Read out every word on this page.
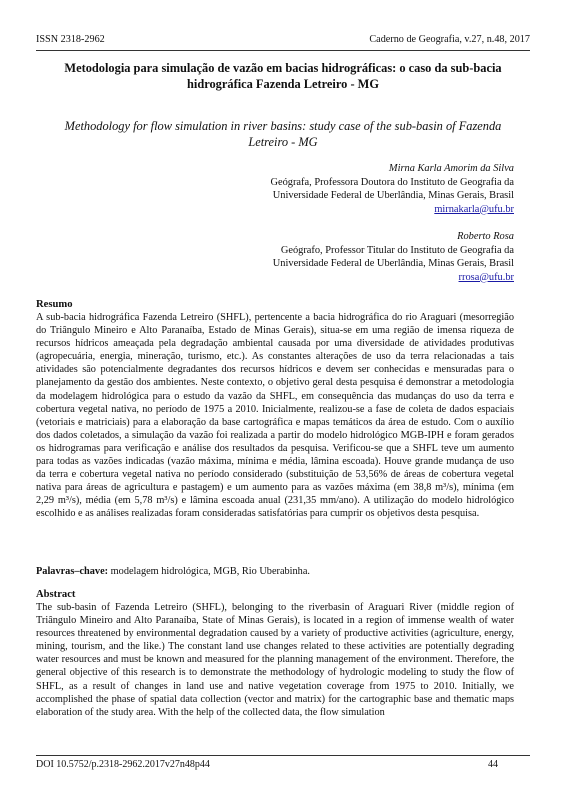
ISSN 2318-2962	Caderno de Geografia, v.27, n.48, 2017
Metodologia para simulação de vazão em bacias hidrográficas: o caso da sub-bacia hidrográfica Fazenda Letreiro - MG
Methodology for flow simulation in river basins: study case of the sub-basin of Fazenda Letreiro - MG
Mirna Karla Amorim da Silva
Geógrafa, Professora Doutora do Instituto de Geografia da
Universidade Federal de Uberlândia, Minas Gerais, Brasil
mirnakarla@ufu.br
Roberto Rosa
Geógrafo, Professor Titular do Instituto de Geografia da
Universidade Federal de Uberlândia, Minas Gerais, Brasil
rrosa@ufu.br
Resumo
A sub-bacia hidrográfica Fazenda Letreiro (SHFL), pertencente a bacia hidrográfica do rio Araguari (mesorregião do Triângulo Mineiro e Alto Paranaíba, Estado de Minas Gerais), situa-se em uma região de imensa riqueza de recursos hídricos ameaçada pela degradação ambiental causada por uma diversidade de atividades produtivas (agropecuária, energia, mineração, turismo, etc.). As constantes alterações de uso da terra relacionadas a tais atividades são potencialmente degradantes dos recursos hídricos e devem ser conhecidas e mensuradas para o planejamento da gestão dos ambientes. Neste contexto, o objetivo geral desta pesquisa é demonstrar a metodologia da modelagem hidrológica para o estudo da vazão da SHFL, em consequência das mudanças do uso da terra e cobertura vegetal nativa, no período de 1975 a 2010. Inicialmente, realizou-se a fase de coleta de dados espaciais (vetoriais e matriciais) para a elaboração da base cartográfica e mapas temáticos da área de estudo. Com o auxílio dos dados coletados, a simulação da vazão foi realizada a partir do modelo hidrológico MGB-IPH e foram gerados os hidrogramas para verificação e análise dos resultados da pesquisa. Verificou-se que a SHFL teve um aumento para todas as vazões indicadas (vazão máxima, mínima e média, lâmina escoada). Houve grande mudança de uso da terra e cobertura vegetal nativa no período considerado (substituição de 53,56% de áreas de cobertura vegetal nativa para áreas de agricultura e pastagem) e um aumento para as vazões máxima (em 38,8 m³/s), mínima (em 2,29 m³/s), média (em 5,78 m³/s) e lâmina escoada anual (231,35 mm/ano). A utilização do modelo hidrológico escolhido e as análises realizadas foram consideradas satisfatórias para cumprir os objetivos desta pesquisa.
Palavras–chave: modelagem hidrológica, MGB, Rio Uberabinha.
Abstract
The sub-basin of Fazenda Letreiro (SHFL), belonging to the riverbasin of Araguari River (middle region of Triângulo Mineiro and Alto Paranaíba, State of Minas Gerais), is located in a region of immense wealth of water resources threatened by environmental degradation caused by a variety of productive activities (agriculture, energy, mining, tourism, and the like.) The constant land use changes related to these activities are potentially degrading water resources and must be known and measured for the planning management of the environment. Therefore, the general objective of this research is to demonstrate the methodology of hydrologic modeling to study the flow of SHFL, as a result of changes in land use and native vegetation coverage from 1975 to 2010. Initially, we accomplished the phase of spatial data collection (vector and matrix) for the cartographic base and thematic maps elaboration of the study area. With the help of the collected data, the flow simulation
DOI 10.5752/p.2318-2962.2017v27n48p44	44
